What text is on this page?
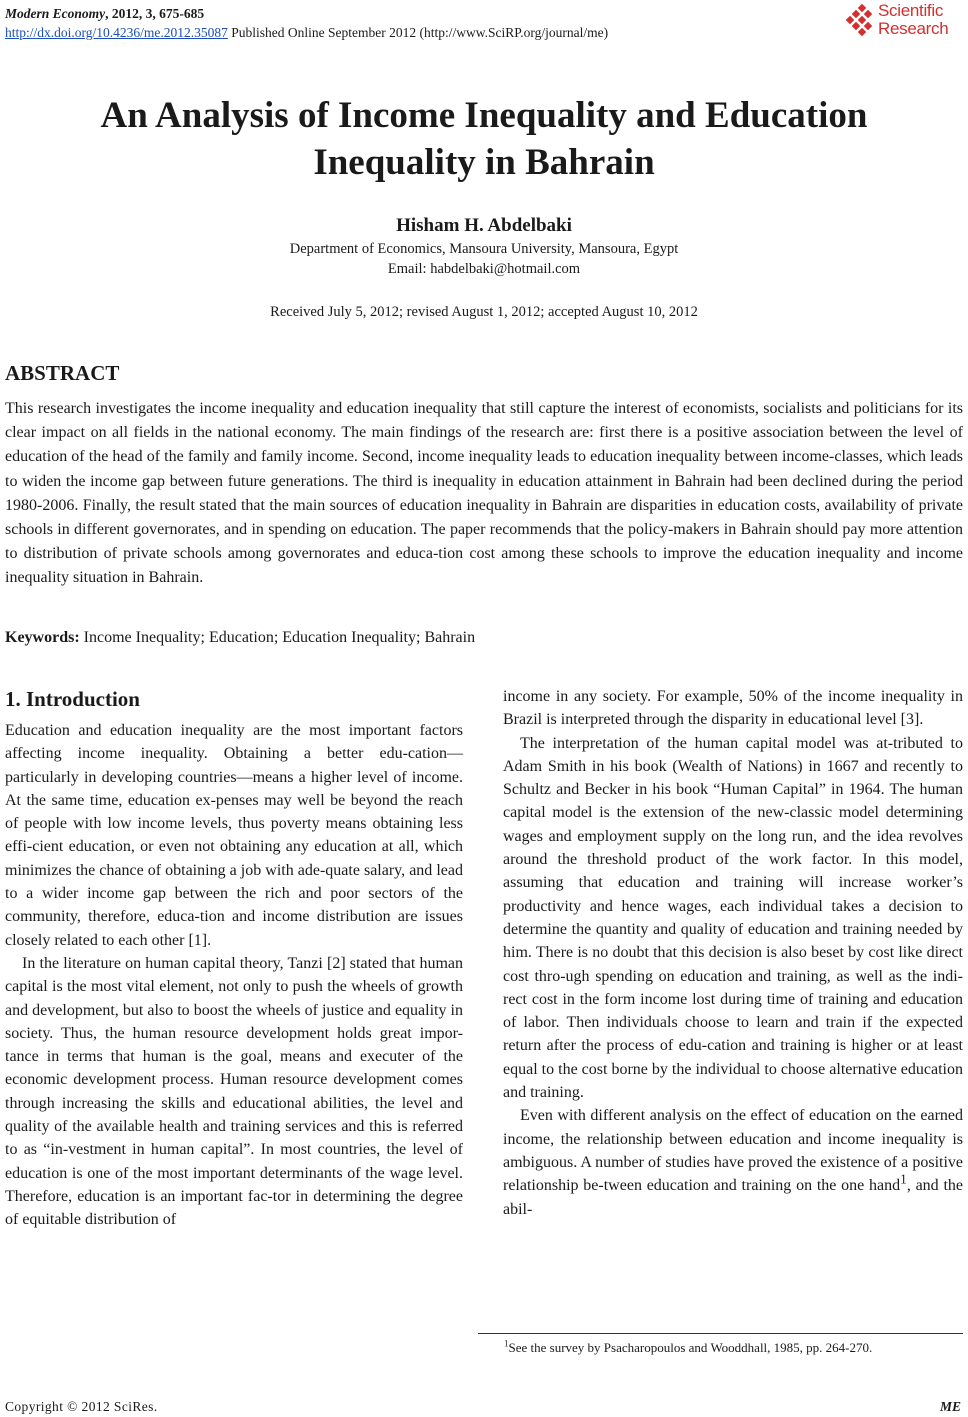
Modern Economy, 2012, 3, 675-685
http://dx.doi.org/10.4236/me.2012.35087 Published Online September 2012 (http://www.SciRP.org/journal/me)
Scientific
Research
An Analysis of Income Inequality and Education
Inequality in Bahrain
Hisham H. Abdelbaki
Department of Economics, Mansoura University, Mansoura, Egypt
Email: habdelbaki@hotmail.com
Received July 5, 2012; revised August 1, 2012; accepted August 10, 2012
ABSTRACT
This research investigates the income inequality and education inequality that still capture the interest of economists, socialists and politicians for its clear impact on all fields in the national economy. The main findings of the research are: first there is a positive association between the level of education of the head of the family and family income. Second, income inequality leads to education inequality between income-classes, which leads to widen the income gap between future generations. The third is inequality in education attainment in Bahrain had been declined during the period 1980-2006. Finally, the result stated that the main sources of education inequality in Bahrain are disparities in education costs, availability of private schools in different governorates, and in spending on education. The paper recommends that the policy-makers in Bahrain should pay more attention to distribution of private schools among governorates and educa-tion cost among these schools to improve the education inequality and income inequality situation in Bahrain.
Keywords: Income Inequality; Education; Education Inequality; Bahrain
1. Introduction

Education and education inequality are the most important factors affecting income inequality. Obtaining a better edu-cation—particularly in developing countries—means a higher level of income. At the same time, education ex-penses may well be beyond the reach of people with low income levels, thus poverty means obtaining less effi-cient education, or even not obtaining any education at all, which minimizes the chance of obtaining a job with ade-quate salary, and lead to a wider income gap between the rich and poor sectors of the community, therefore, educa-tion and income distribution are issues closely related to each other [1].

In the literature on human capital theory, Tanzi [2] stated that human capital is the most vital element, not only to push the wheels of growth and development, but also to boost the wheels of justice and equality in society. Thus, the human resource development holds great impor-tance in terms that human is the goal, means and executer of the economic development process. Human resource development comes through increasing the skills and educational abilities, the level and quality of the available health and training services and this is referred to as “in-vestment in human capital”. In most countries, the level of education is one of the most important determinants of the wage level. Therefore, education is an important fac-tor in determining the degree of equitable distribution of

income in any society. For example, 50% of the income inequality in Brazil is interpreted through the disparity in educational level [3].

The interpretation of the human capital model was at-tributed to Adam Smith in his book (Wealth of Nations) in 1667 and recently to Schultz and Becker in his book “Human Capital” in 1964. The human capital model is the extension of the new-classic model determining wages and employment supply on the long run, and the idea revolves around the threshold product of the work factor. In this model, assuming that education and training will increase worker’s productivity and hence wages, each individual takes a decision to determine the quantity and quality of education and training needed by him. There is no doubt that this decision is also beset by cost like direct cost thro-ugh spending on education and training, as well as the indi-rect cost in the form income lost during time of training and education of labor. Then individuals choose to learn and train if the expected return after the process of edu-cation and training is higher or at least equal to the cost borne by the individual to choose alternative education and training.

Even with different analysis on the effect of education on the earned income, the relationship between education and income inequality is ambiguous. A number of studies have proved the existence of a positive relationship be-tween education and training on the one hand$^1$, and the abil-

$^1$See the survey by Psacharopoulos and Wooddhall, 1985, pp. 264-270.
Copyright © 2012 SciRes.	ME
